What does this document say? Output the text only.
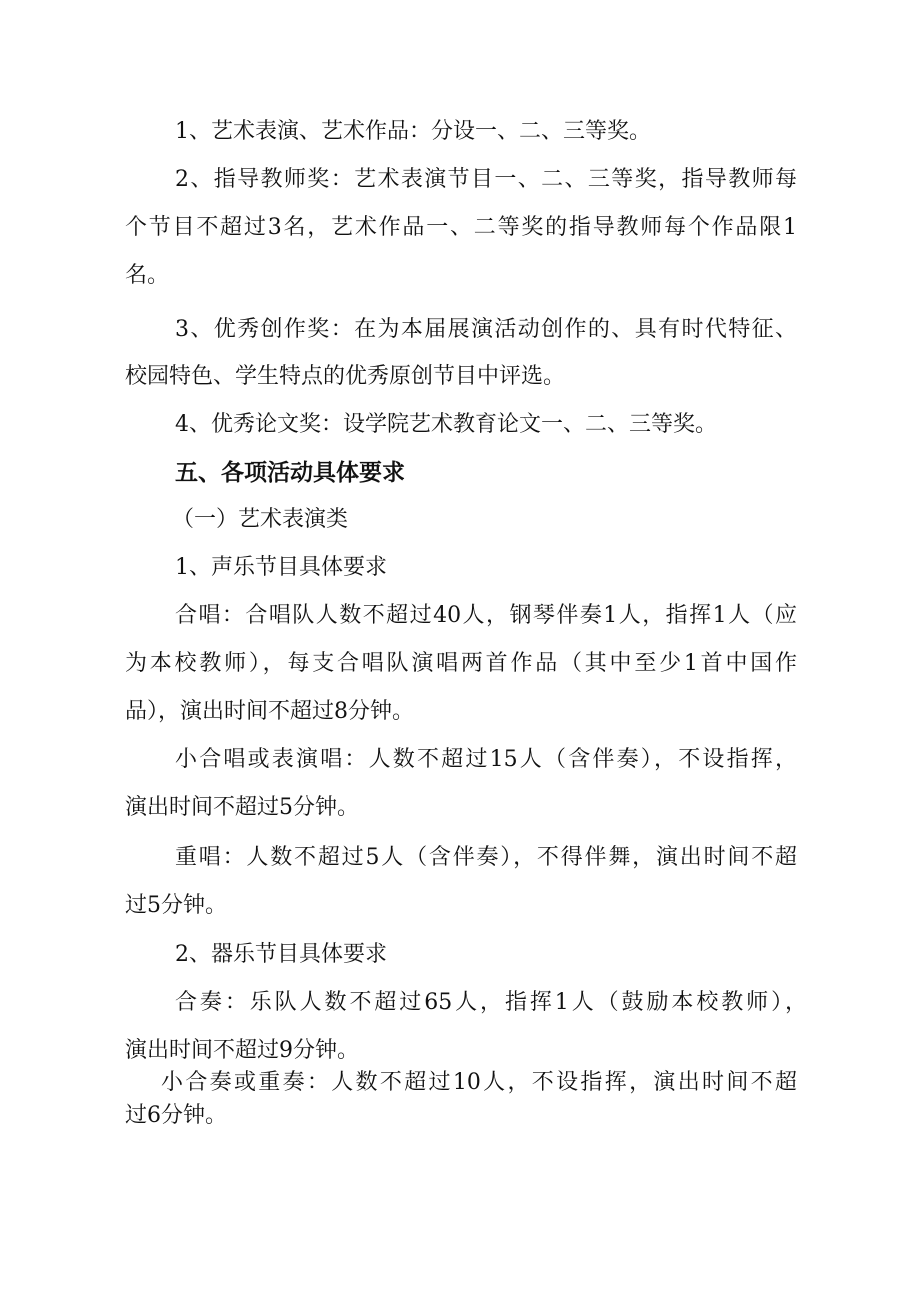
1、艺术表演、艺术作品：分设一、二、三等奖。
2、指导教师奖：艺术表演节目一、二、三等奖，指导教师每
个节目不超过3名，艺术作品一、二等奖的指导教师每个作品限1
名。
3、优秀创作奖：在为本届展演活动创作的、具有时代特征、
校园特色、学生特点的优秀原创节目中评选。
4、优秀论文奖：设学院艺术教育论文一、二、三等奖。
五、各项活动具体要求
（一）艺术表演类
1、声乐节目具体要求
合唱：合唱队人数不超过40人，钢琴伴奏1人，指挥1人（应
为本校教师），每支合唱队演唱两首作品（其中至少1首中国作
品），演出时间不超过8分钟。
小合唱或表演唱：人数不超过15人（含伴奏），不设指挥，
演出时间不超过5分钟。
重唱：人数不超过5人（含伴奏），不得伴舞，演出时间不超
过5分钟。
2、器乐节目具体要求
合奏：乐队人数不超过65人，指挥1人（鼓励本校教师），
演出时间不超过9分钟。
小合奏或重奏：人数不超过10人，不设指挥，演出时间不超
过6分钟。
